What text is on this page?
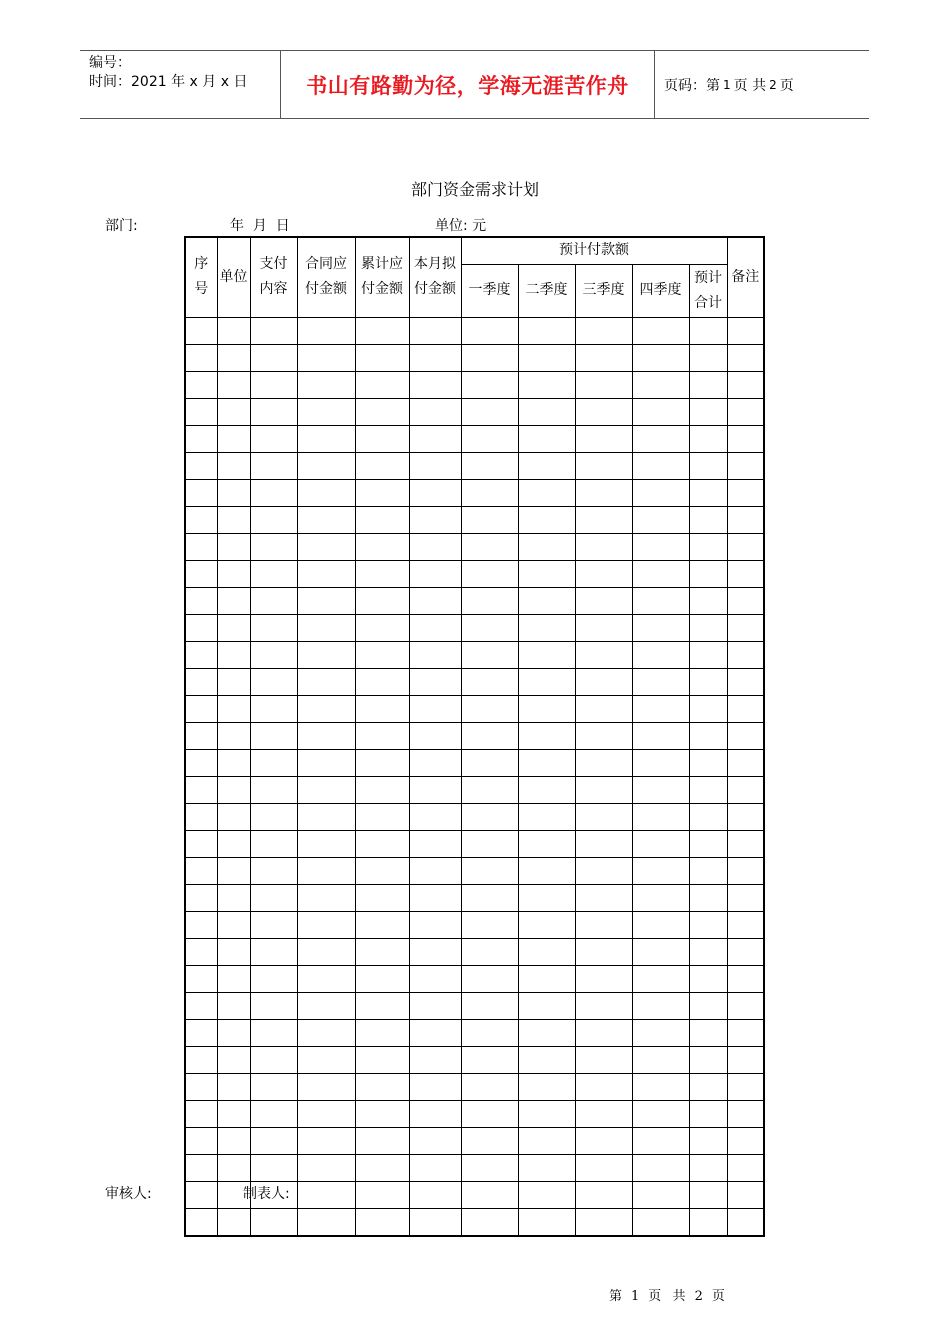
编号：
时间：2021 年 x 月 x 日	书山有路勤为径，学海无涯苦作舟	页码：第 1 页 共 2 页
部门资金需求计划
部门:	年  月  日	单位: 元
序号	单位	支付内容	合同应付金额	累计应付金额	本月拟付金额	预计付款额					备注
						一季度	二季度	三季度	四季度	预计合计	

审核人:	制表人:
第 1 页  共 2 页
